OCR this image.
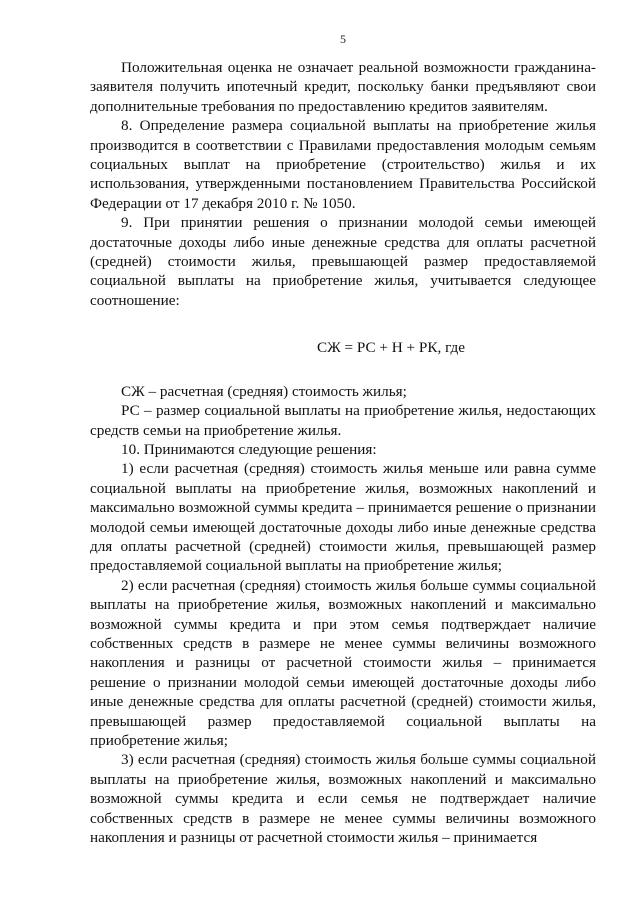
5

Положительная оценка не означает реальной возможности гражданина-заявителя получить ипотечный кредит, поскольку банки предъявляют свои дополнительные требования по предоставлению кредитов заявителям.

8. Определение размера социальной выплаты на приобретение жилья производится в соответствии с Правилами предоставления молодым семьям социальных выплат на приобретение (строительство) жилья и их использования, утвержденными постановлением Правительства Российской Федерации от 17 декабря 2010 г. № 1050.

9. При принятии решения о признании молодой семьи имеющей достаточные доходы либо иные денежные средства для оплаты расчетной (средней) стоимости жилья, превышающей размер предоставляемой социальной выплаты на приобретение жилья, учитывается следующее соотношение:

СЖ = РС + Н + РК, где

СЖ – расчетная (средняя) стоимость жилья;

РС – размер социальной выплаты на приобретение жилья, недостающих средств семьи на приобретение жилья.

10. Принимаются следующие решения:

1) если расчетная (средняя) стоимость жилья меньше или равна сумме социальной выплаты на приобретение жилья, возможных накоплений и максимально возможной суммы кредита – принимается решение о признании молодой семьи имеющей достаточные доходы либо иные денежные средства для оплаты расчетной (средней) стоимости жилья, превышающей размер предоставляемой социальной выплаты на приобретение жилья;

2) если расчетная (средняя) стоимость жилья больше суммы социальной выплаты на приобретение жилья, возможных накоплений и максимально возможной суммы кредита и при этом семья подтверждает наличие собственных средств в размере не менее суммы величины возможного накопления и разницы от расчетной стоимости жилья – принимается решение о признании молодой семьи имеющей достаточные доходы либо иные денежные средства для оплаты расчетной (средней) стоимости жилья, превышающей размер предоставляемой социальной выплаты на приобретение жилья;

3) если расчетная (средняя) стоимость жилья больше суммы социальной выплаты на приобретение жилья, возможных накоплений и максимально возможной суммы кредита и если семья не подтверждает наличие собственных средств в размере не менее суммы величины возможного накопления и разницы от расчетной стоимости жилья – принимается
